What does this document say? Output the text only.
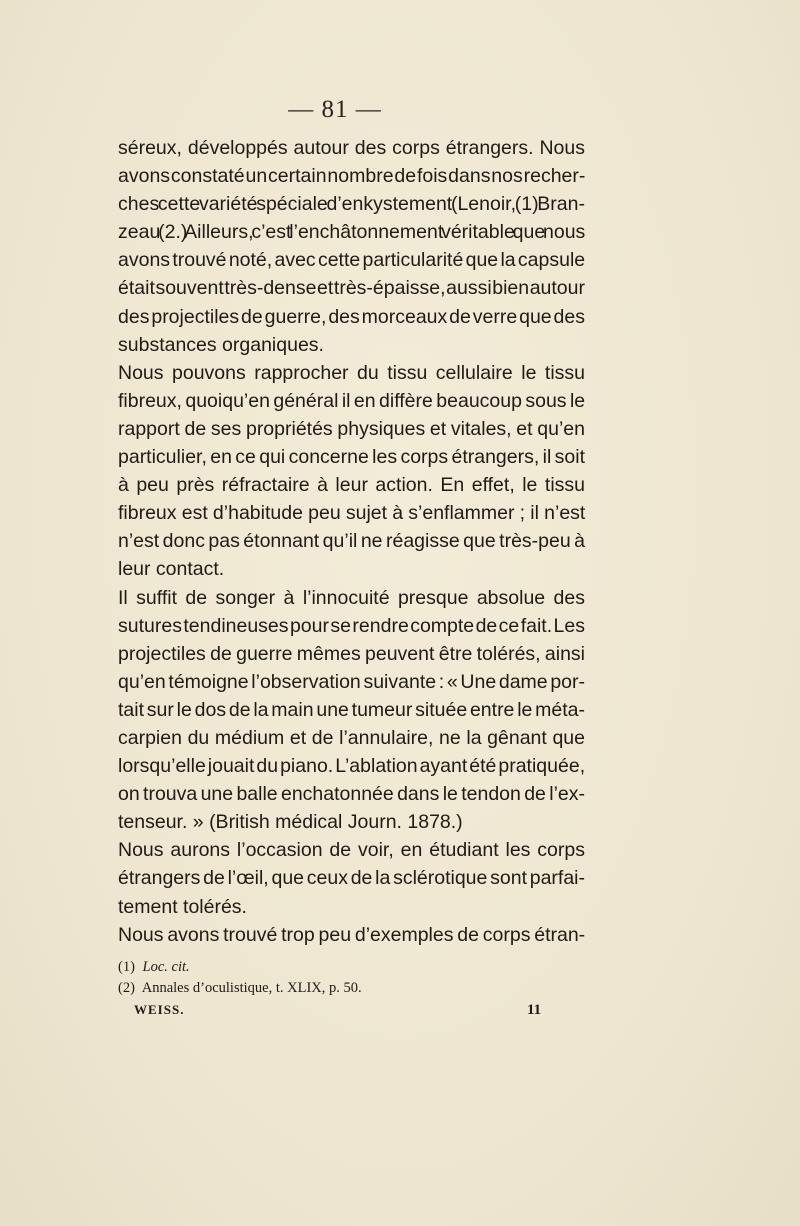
— 81 —
séreux, développés autour des corps étrangers. Nous
avons constaté un certain nombre de fois dans nos recher-
ches cette variété spéciale d’enkystement (Lenoir, (1) Bran-
zeau (2.) Ailleurs, c’est l’enchâtonnement véritable que nous
avons trouvé noté, avec cette particularité que la capsule
était souvent très-dense et très-épaisse, aussi bien autour
des projectiles de guerre, des morceaux de verre que des
substances organiques.
Nous pouvons rapprocher du tissu cellulaire le tissu
fibreux, quoiqu’en général il en diffère beaucoup sous le
rapport de ses propriétés physiques et vitales, et qu’en
particulier, en ce qui concerne les corps étrangers, il soit
à peu près réfractaire à leur action. En effet, le tissu
fibreux est d’habitude peu sujet à s’enflammer ; il n’est
n’est donc pas étonnant qu’il ne réagisse que très-peu à
leur contact.
Il suffit de songer à l’innocuité presque absolue des
sutures tendineuses pour se rendre compte de ce fait. Les
projectiles de guerre mêmes peuvent être tolérés, ainsi
qu’en témoigne l’observation suivante : « Une dame por-
tait sur le dos de la main une tumeur située entre le méta-
carpien du médium et de l’annulaire, ne la gênant que
lorsqu’elle jouait du piano. L’ablation ayant été pratiquée,
on trouva une balle enchatonnée dans le tendon de l’ex-
tenseur. » (British médical Journ. 1878.)
Nous aurons l’occasion de voir, en étudiant les corps
étrangers de l’œil, que ceux de la sclérotique sont parfai-
tement tolérés.
Nous avons trouvé trop peu d’exemples de corps étran-
(1) Loc. cit.
(2) Annales d’oculistique, t. XLIX, p. 50.
WEISS.	11
